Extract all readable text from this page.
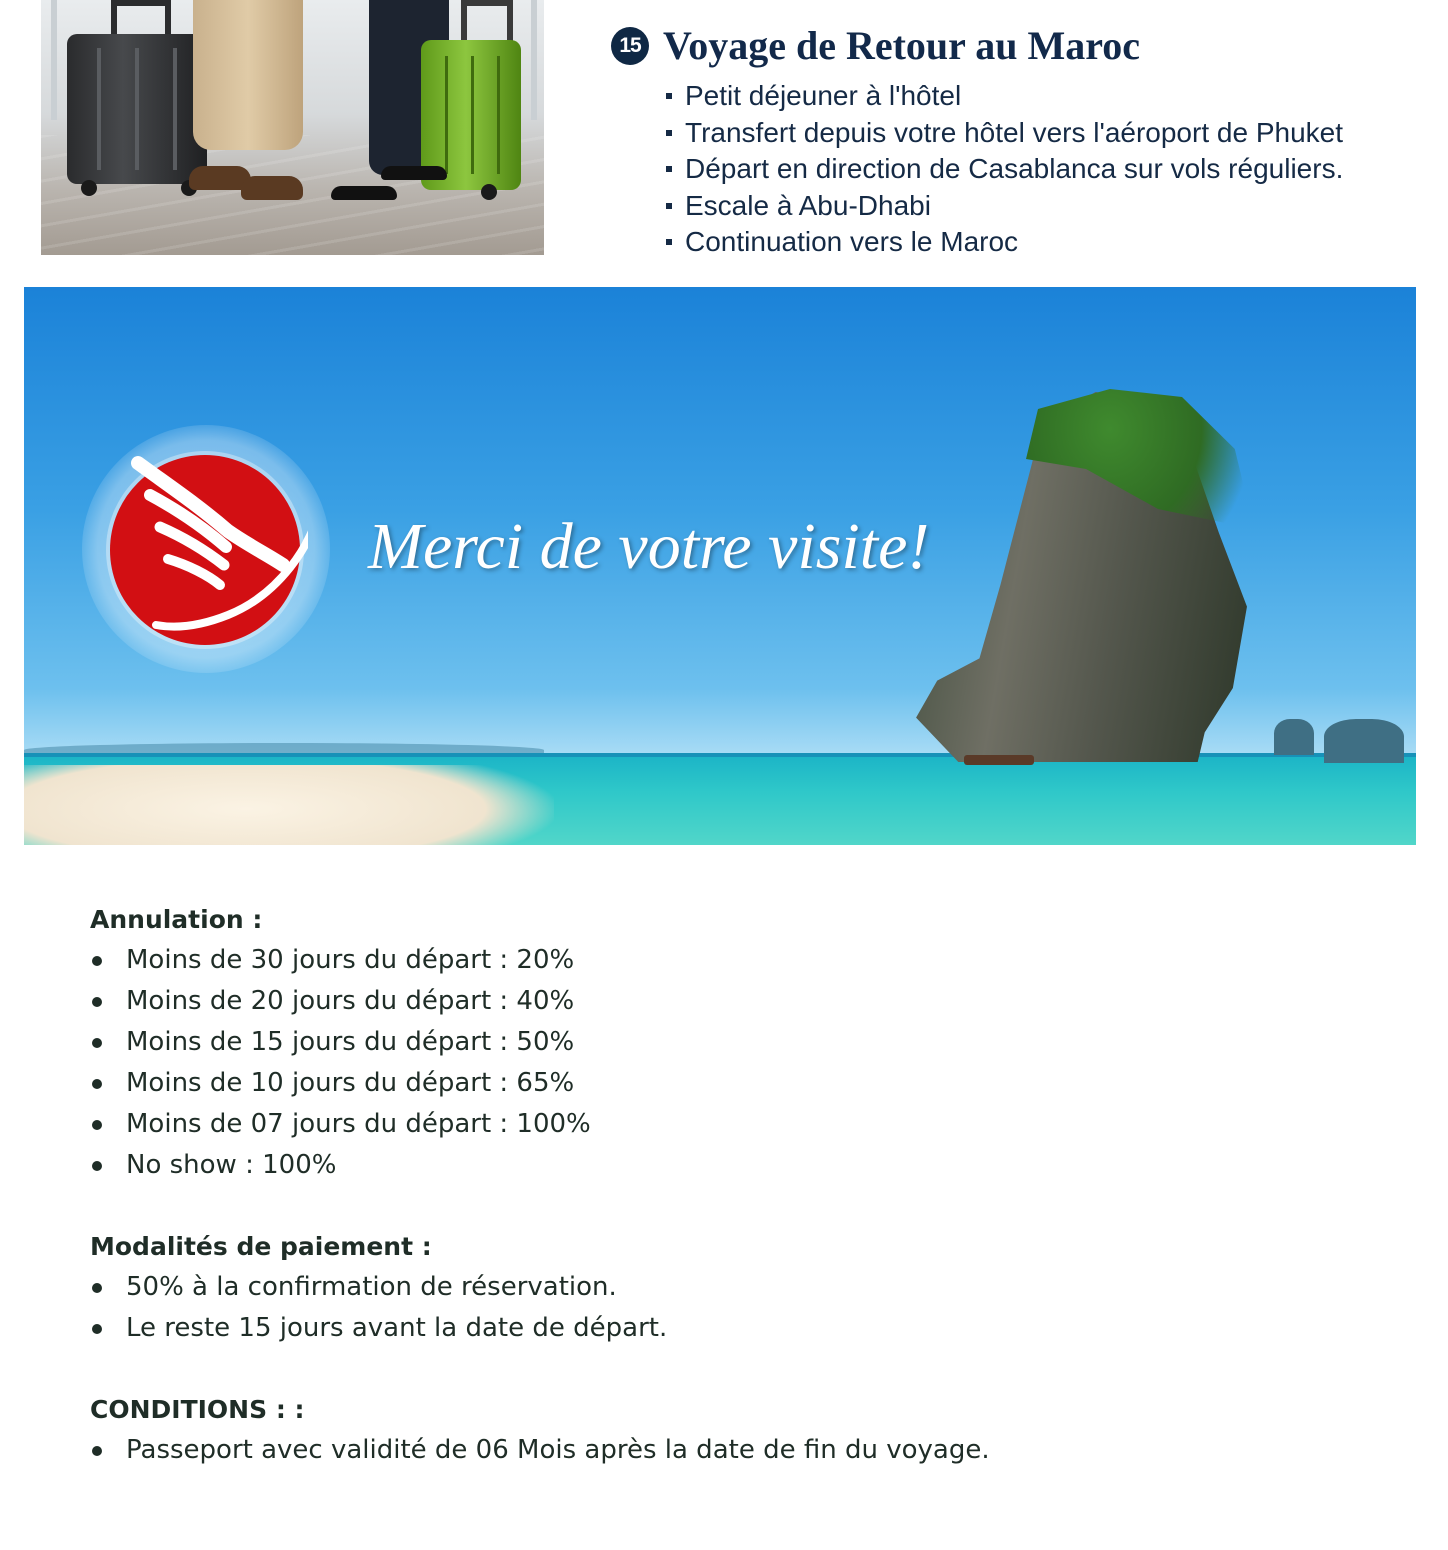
15 Voyage de Retour au Maroc
Petit déjeuner à l'hôtel
Transfert depuis votre hôtel vers l'aéroport de Phuket
Départ en direction de Casablanca sur vols réguliers.
Escale à Abu-Dhabi
Continuation vers le Maroc

Merci de votre visite!

Annulation :
Moins de 30 jours du départ : 20%
Moins de 20 jours du départ : 40%
Moins de 15 jours du départ : 50%
Moins de 10 jours du départ : 65%
Moins de 07 jours du départ : 100%
No show : 100%
Modalités de paiement :
50% à la confirmation de réservation.
Le reste 15 jours avant la date de départ.
CONDITIONS : :
Passeport avec validité de 06 Mois après la date de fin du voyage.
